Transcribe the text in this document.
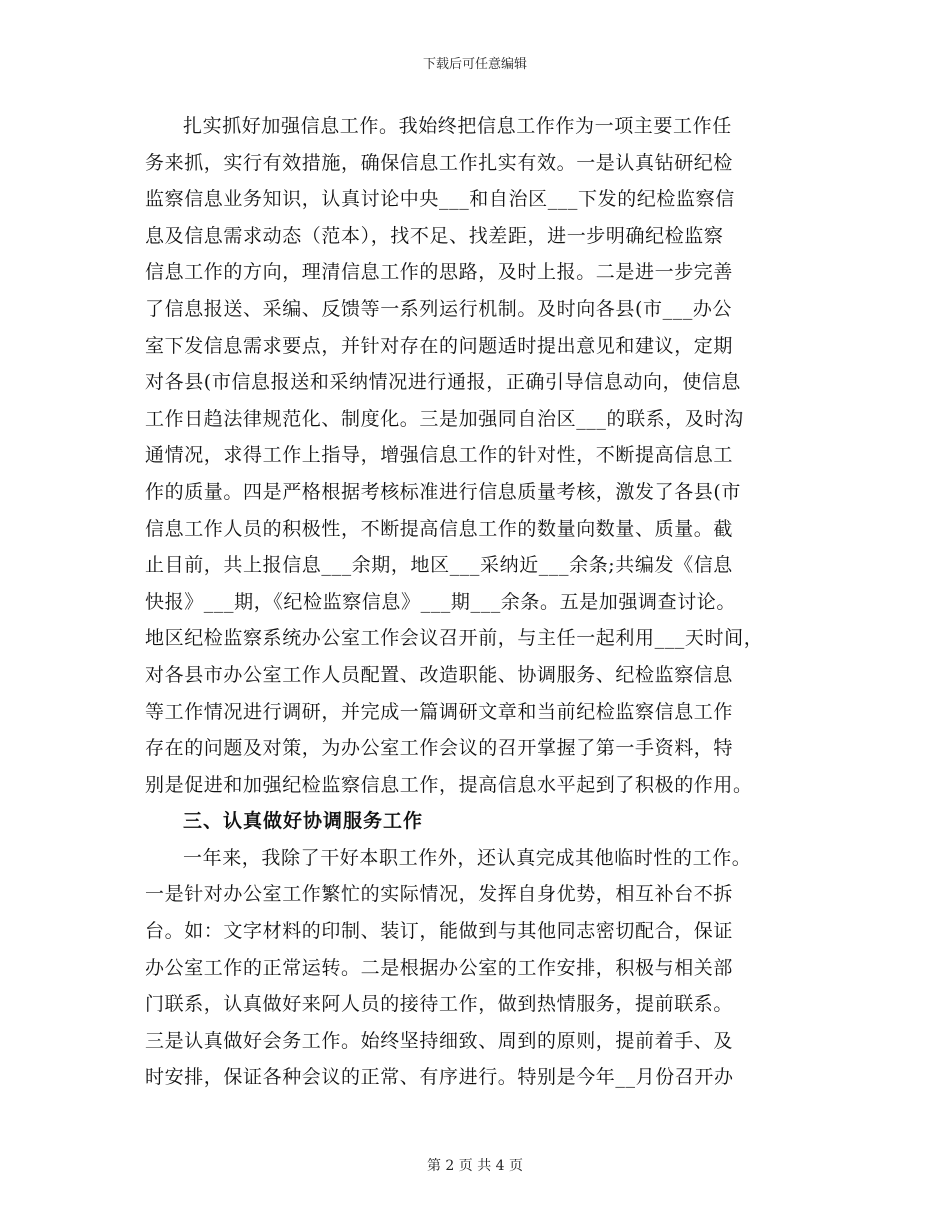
下载后可任意编辑
扎实抓好加强信息工作。我始终把信息工作作为一项主要工作任
务来抓，实行有效措施，确保信息工作扎实有效。一是认真钻研纪检
监察信息业务知识，认真讨论中央___和自治区___下发的纪检监察信
息及信息需求动态（范本），找不足、找差距，进一步明确纪检监察
信息工作的方向，理清信息工作的思路，及时上报。二是进一步完善
了信息报送、采编、反馈等一系列运行机制。及时向各县(市___办公
室下发信息需求要点，并针对存在的问题适时提出意见和建议，定期
对各县(市信息报送和采纳情况进行通报，正确引导信息动向，使信息
工作日趋法律规范化、制度化。三是加强同自治区___的联系，及时沟
通情况，求得工作上指导，增强信息工作的针对性，不断提高信息工
作的质量。四是严格根据考核标准进行信息质量考核，激发了各县(市
信息工作人员的积极性，不断提高信息工作的数量向数量、质量。截
止目前，共上报信息___余期，地区___采纳近___余条;共编发《信息
快报》___期，《纪检监察信息》___期___余条。五是加强调查讨论。
地区纪检监察系统办公室工作会议召开前，与主任一起利用___天时间，
对各县市办公室工作人员配置、改造职能、协调服务、纪检监察信息
等工作情况进行调研，并完成一篇调研文章和当前纪检监察信息工作
存在的问题及对策，为办公室工作会议的召开掌握了第一手资料，特
别是促进和加强纪检监察信息工作，提高信息水平起到了积极的作用。
三、认真做好协调服务工作
一年来，我除了干好本职工作外，还认真完成其他临时性的工作。
一是针对办公室工作繁忙的实际情况，发挥自身优势，相互补台不拆
台。如：文字材料的印制、装订，能做到与其他同志密切配合，保证
办公室工作的正常运转。二是根据办公室的工作安排，积极与相关部
门联系，认真做好来阿人员的接待工作，做到热情服务，提前联系。
三是认真做好会务工作。始终坚持细致、周到的原则，提前着手、及
时安排，保证各种会议的正常、有序进行。特别是今年__月份召开办
第 2 页 共 4 页
